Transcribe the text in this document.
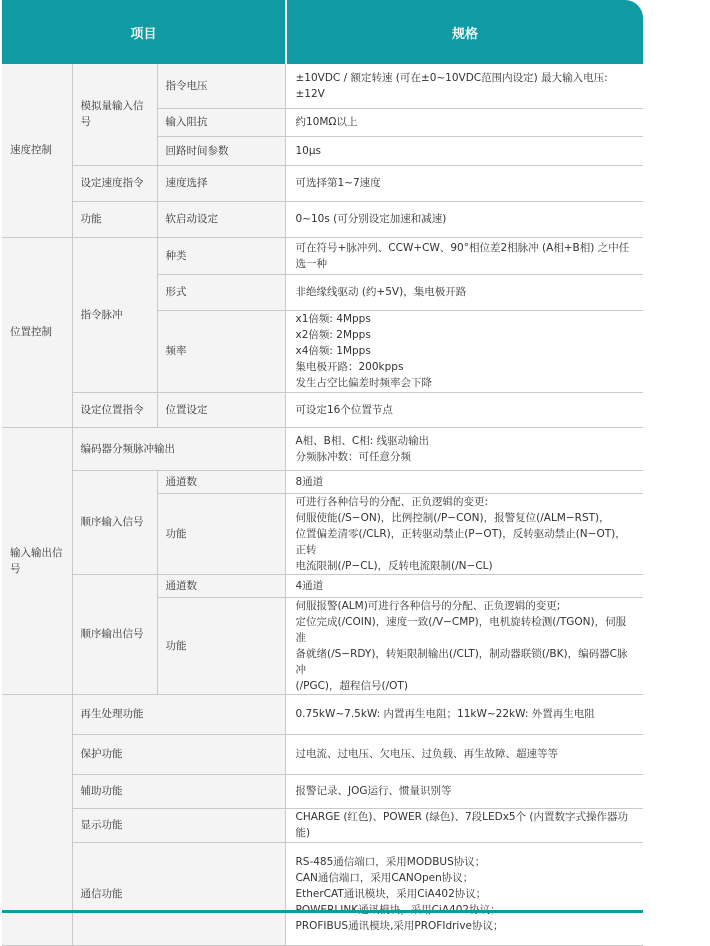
项目	规格
速度控制	模拟量输入信号	指令电压	±10VDC / 额定转速 (可在±0~10VDC范围内设定) 最大输入电压: ±12V
		输入阻抗	约10MΩ以上
		回路时间参数	10μs
	设定速度指令	速度选择	可选择第1~7速度
	功能	软启动设定	0~10s (可分别设定加速和减速)
位置控制	指令脉冲	种类	可在符号+脉冲列、CCW+CW、90°相位差2相脉冲 (A相+B相) 之中任选一种
		形式	非绝缘线驱动 (约+5V)，集电极开路
		频率	x1倍频: 4Mpps
x2倍频: 2Mpps
x4倍频: 1Mpps
集电极开路：200kpps
发生占空比偏差时频率会下降

	设定位置指令	位置设定	可设定16个位置节点
输入输出信号	编码器分频脉冲输出		A相、B相、C相: 线驱动输出
分频脉冲数：可任意分频

	顺序输入信号	通道数	8通道
		功能	可进行各种信号的分配、正负逻辑的变更:
伺服使能(/S−ON)，比例控制(/P−CON)，报警复位(/ALM−RST)，
位置偏差清零(/CLR)，正转驱动禁止(P−OT)，反转驱动禁止(N−OT)，正转
电流限制(/P−CL)，反转电流限制(/N−CL)

	顺序输出信号	通道数	4通道
		功能	伺服报警(ALM)可进行各种信号的分配、正负逻辑的变更;
定位完成(/COIN)，速度一致(/V−CMP)，电机旋转检测(/TGON)，伺服准
备就绪(/S−RDY)，转矩限制输出(/CLT)，制动器联锁(/BK)，编码器C脉冲
(/PGC)，超程信号(/OT)

	再生处理功能		0.75kW~7.5kW: 内置再生电阻；11kW~22kW: 外置再生电阻
	保护功能		过电流、过电压、欠电压、过负载、再生故障、超速等等
	辅助功能		报警记录、JOG运行、惯量识别等
	显示功能		CHARGE (红色)、POWER (绿色)、7段LEDx5个 (内置数字式操作器功能)
	通信功能		RS-485通信端口，采用MODBUS协议；
CAN通信端口，采用CANOpen协议；
EtherCAT通讯模块，采用CiA402协议；
PROFIBUS通讯模块,采用PROFIdrive协议；
